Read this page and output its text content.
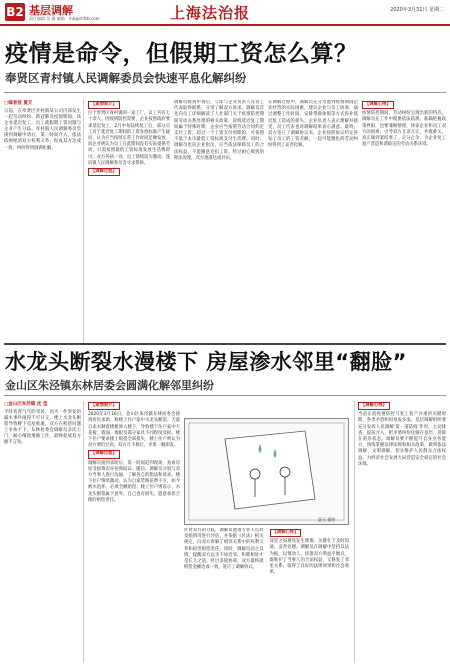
B2 基层调解
责任编辑 吴 敏 邮箱：mk@shfzb.com	上海法治报	2020年3月31日 星期二
疫情是命令，但假期工资怎么算？
奉贤区青村镇人民调解委员会快速平息化解纠纷
□编者按 夏天
日前，在奉贤区青村镇某公司内部发生一起劳动纠纷。新冠肺炎疫情期间，该企业延迟复工，员工就假期工资问题与企业产生分歧。青村镇人民调解委员会接到调解申请后，第一时间介入，依法依规厘清双方权利义务，促成双方达成一致，纠纷得到圆满化解。
【案情简介】
位于奉贤区青村镇的一家工厂，员工共有七十余人。因疫情防控需要，企业按照政府要求延迟复工，2月中旬陆续复工后，部分员工对于延迟复工期间的工资发放标准产生疑问，认为应当按照正常工作时间足额发放，而企业则认为员工在此期间没有实际提供劳动，只需按照最低工资标准发放生活费即可。双方各执一词，员工情绪较为激动，遂向镇人民调解委员会寻求帮助。
【调解过程】
调解员接到申请后，立即与企业负责人及员工代表取得联系，分别了解双方诉求。调解员首先向员工详细解读了人社部门关于疫情防控期间劳动关系处理的相关政策，说明延迟复工期间属于特殊时期，企业应当按照劳动合同约定支付工资；超过一个工资支付周期的，可按照不低于本市最低工资标准支付生活费。同时，调解员也向企业指出，应当依法保障员工的合法权益，不能随意克扣工资。经过耐心细致的释法说理，双方逐渐达成共识。
在调解过程中，调解员充分考虑到疫情期间企业经营的实际困难，建议企业与员工协商，通过调整工作时间、安排带薪休假等方式弥补延迟复工造成的损失。企业负责人表示理解并接受，员工代表也对调解结果表示满意。最终，双方签订了调解协议书，企业按照协议约定补发了员工的工资差额，一起可能激化的劳动纠纷得到了妥善化解。
【调解心得】
疫情防控期间，劳动纠纷呈现出新的特点。调解员在工作中既要依法依规，准确把握政策界限，也要兼顾情理，体谅企业和员工双方的困难，引导双方互谅互让、共渡难关，真正做到案结事了、定分止争，为企业复工复产营造和谐稳定的劳动关系环境。
水龙头断裂水漫楼下 房屋渗水邻里“翻脸”
金山区朱泾镇东林居委会圆满化解邻里纠纷
□金山区朱泾镇 沈 莹
平时客客气气的邻居，因为一件突发的漏水事件闹得不可开交。楼上水龙头断裂导致楼下房屋被淹，双方在赔偿问题上争执不下。东林居委会调解员多次上门，耐心细致地做工作，最终促成双方握手言和。
【案情简介】
2020年3月10日，金山区朱泾镇东林居委会接到居民求助，称楼上住户家中水龙头断裂，大量自来水顺着楼板渗入楼下，导致楼下住户家中天花板、墙面、地板及部分家具不同程度受损。楼下住户要求楼上赔偿全部损失，楼上住户则认为对方要价过高，双方互不相让，矛盾一触即发。
【调解过程】
调解员接到求助后，第一时间赶到现场，查看房屋受损情况并拍照取证。随后，调解员分别与双方当事人进行沟通，了解各自的想法和诉求。楼下住户情绪激动，认为自家装修花费不少，如今被水泡坏，必须全额赔偿；楼上住户则表示，水龙头断裂属于意外，自己也有损失，愿意承担合理的赔偿责任。
夏天 插图
针对双方的分歧，调解员邀请专业人员对受损情况进行评估，并依据《民法》相关规定，向双方讲解了相邻关系中的权利义务和损害赔偿责任。同时，调解员动之以情，提醒双方远亲不如近邻，和睦相处才是长久之道。经过多轮协商，双方最终就赔偿金额达成一致，签订了调解协议。
【调解心得】
邻里之间难免发生摩擦，关键在于及时沟通、妥善处理。调解员在调解中坚持以法为据、以情动人，找准双方利益平衡点，既维护了当事人的合法权益，又修复了邻里关系，取得了良好的法律效果和社会效果。
【调解心得】
当前正值疫情防控与复工复产并重的关键时期，各类矛盾纠纷易发多发。基层调解组织要充分发挥人民调解‘第一道防线’作用，主动排查、提前介入，把矛盾纠纷化解在基层、消除在萌芽状态。调解员要不断提升自身业务能力，熟练掌握法律法规和相关政策，做到依法调解、文明调解，切实维护人民群众合法权益，为经济社会发展大局营造安全稳定的社会环境。
